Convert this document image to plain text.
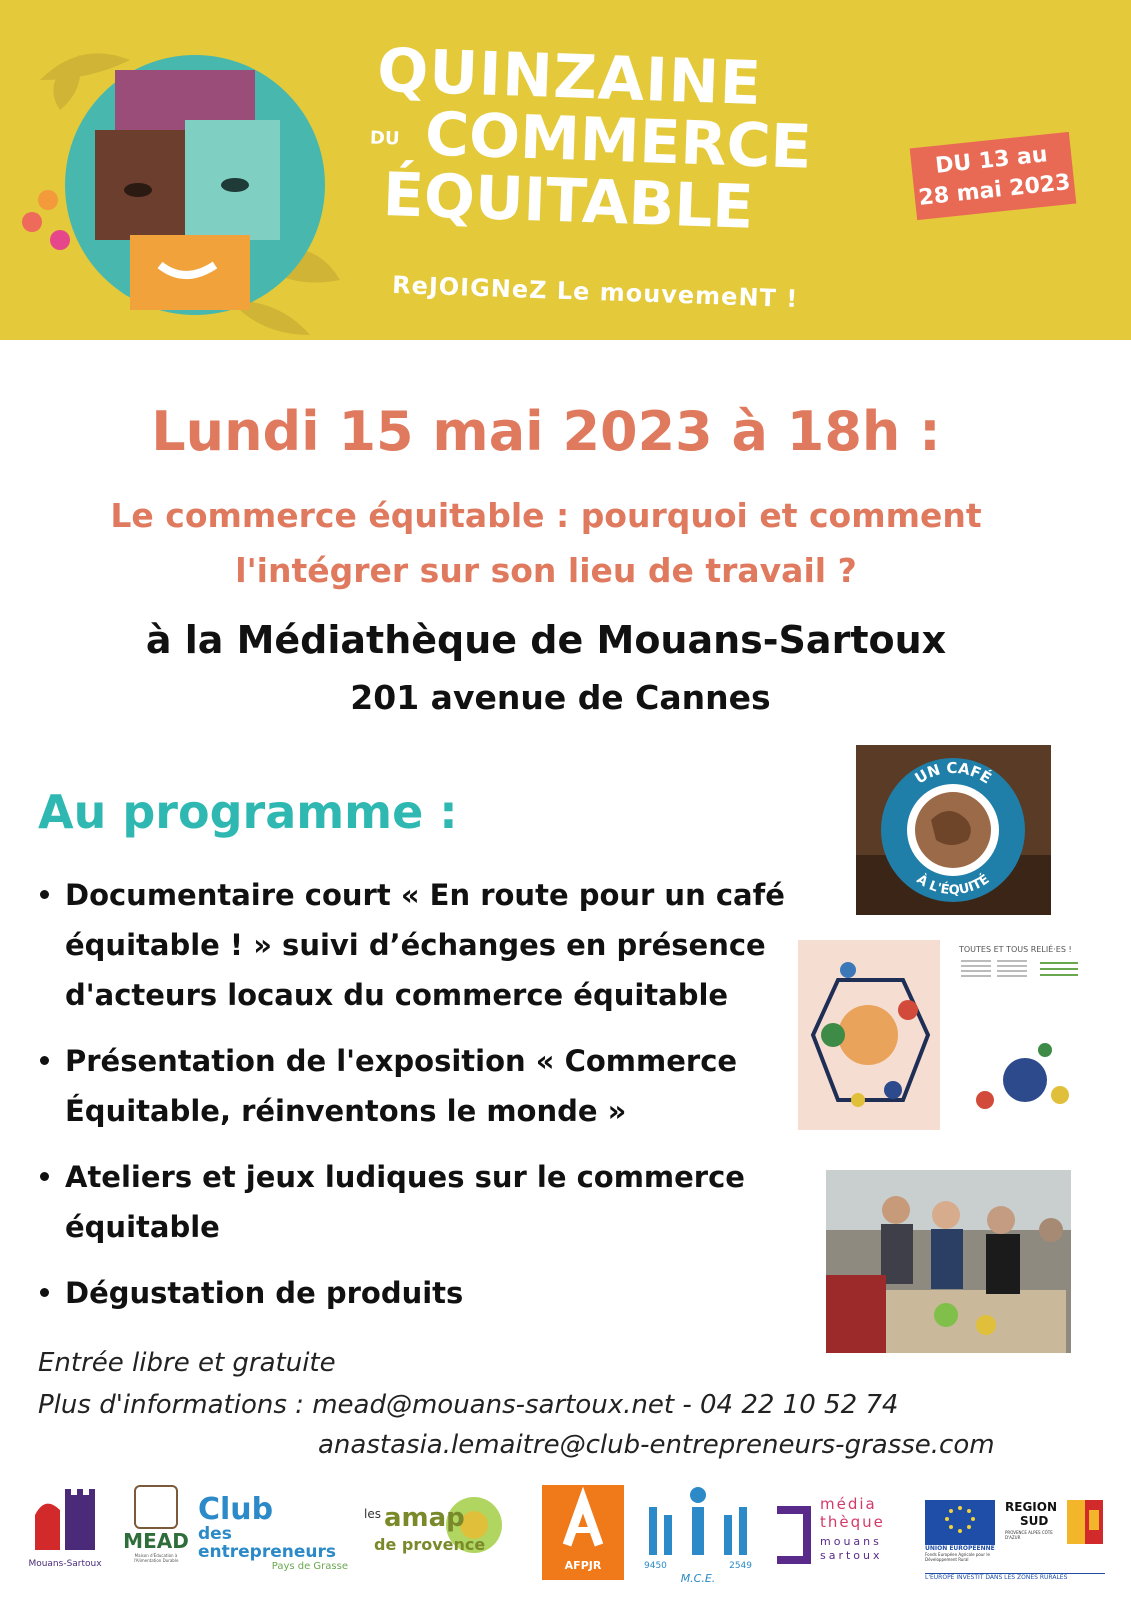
QUINZAINE
DU COMMERCE
ÉQUITABLE
ReJOIGNeZ Le mouvemeNT !
DU 13 au
28 mai 2023
Lundi 15 mai 2023 à 18h :
Le commerce équitable : pourquoi et comment
l'intégrer sur son lieu de travail ?
à la Médiathèque de Mouans-Sartoux
201 avenue de Cannes
Au programme :
Documentaire court « En route pour un café
équitable ! » suivi d’échanges en présence
d'acteurs locaux du commerce équitable
Présentation de l'exposition « Commerce
Équitable, réinventons le monde »
Ateliers et jeux ludiques sur le commerce
équitable
Dégustation de produits
UN CAFÉ
À L'ÉQUITÉ
TOUTES ET TOUS RELIÉ·ES !
Entrée libre et gratuite
Plus d'informations : mead@mouans-sartoux.net - 04 22 10 52 74
anastasia.lemaitre@club-entrepreneurs-grasse.com
Mouans-Sartoux
MEAD
Maison d'Éducation à l'Alimentation Durable
Club
des entrepreneurs
Pays de Grasse
les amap
de provence
AFPJR	9450	2549
M.C.E.
média
thèque
mouans
sartoux
UNION EUROPÉENNE
Fonds Européen Agricole pour le Développement Rural
REGION
SUD
PROVENCE ALPES CÔTE D'AZUR
L'EUROPE INVESTIT DANS LES ZONES RURALES
